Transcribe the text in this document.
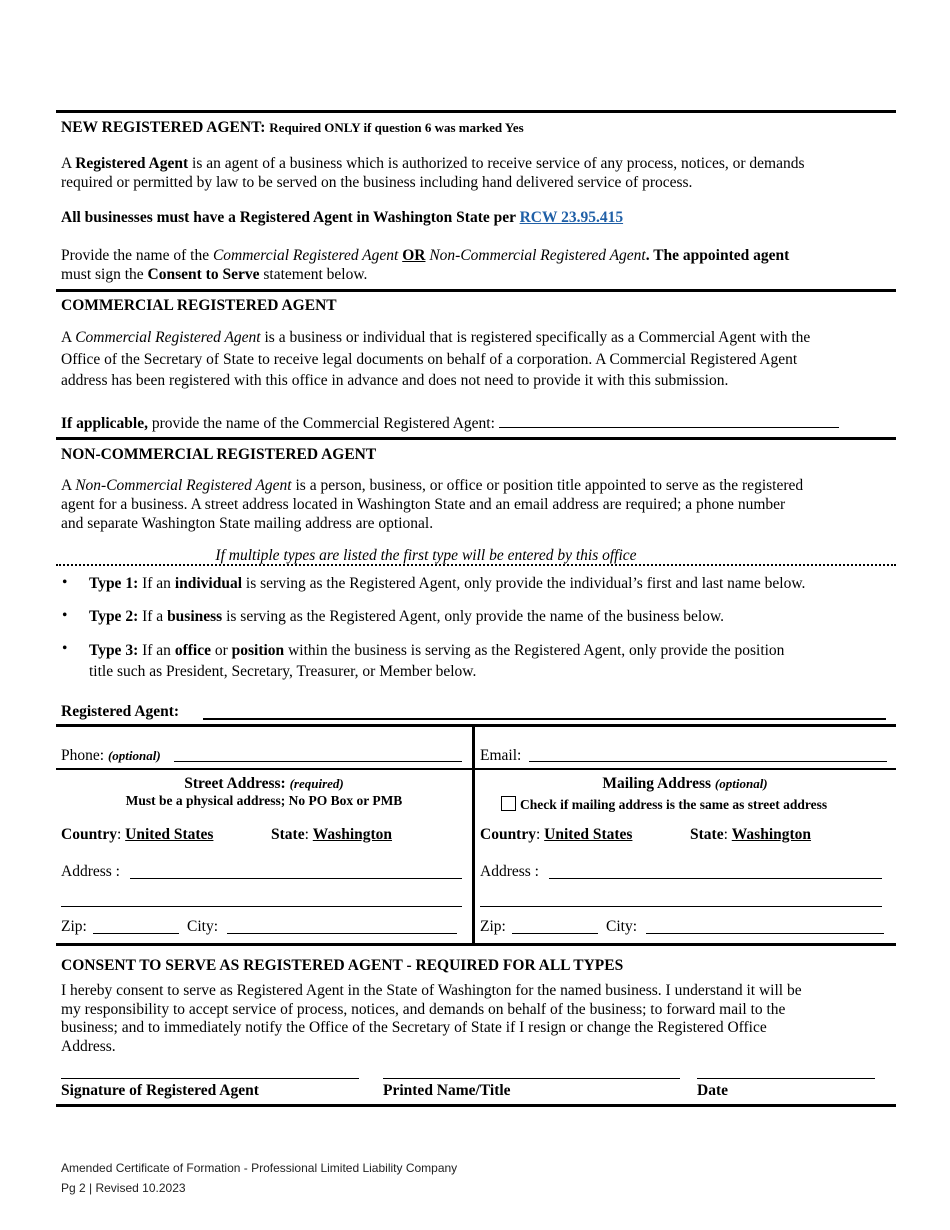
NEW REGISTERED AGENT: Required ONLY if question 6 was marked Yes
A Registered Agent is an agent of a business which is authorized to receive service of any process, notices, or demands
required or permitted by law to be served on the business including hand delivered service of process.
All businesses must have a Registered Agent in Washington State per RCW 23.95.415
Provide the name of the Commercial Registered Agent OR Non-Commercial Registered Agent. The appointed agent
must sign the Consent to Serve statement below.
COMMERCIAL REGISTERED AGENT
A Commercial Registered Agent is a business or individual that is registered specifically as a Commercial Agent with the
Office of the Secretary of State to receive legal documents on behalf of a corporation. A Commercial Registered Agent
address has been registered with this office in advance and does not need to provide it with this submission.
If applicable, provide the name of the Commercial Registered Agent:
NON-COMMERCIAL REGISTERED AGENT
A Non-Commercial Registered Agent is a person, business, or office or position title appointed to serve as the registered
agent for a business. A street address located in Washington State and an email address are required; a phone number
and separate Washington State mailing address are optional.
If multiple types are listed the first type will be entered by this office
• Type 1: If an individual is serving as the Registered Agent, only provide the individual’s first and last name below.
• Type 2: If a business is serving as the Registered Agent, only provide the name of the business below.
• Type 3: If an office or position within the business is serving as the Registered Agent, only provide the position
title such as President, Secretary, Treasurer, or Member below.
Registered Agent:
Phone: (optional)	Email:
Street Address: (required)
Must be a physical address; No PO Box or PMB
Country: United States	State: Washington
Address :
Zip:	City:
Mailing Address (optional)
Check if mailing address is the same as street address
Country: United States	State: Washington
Address :
Zip:	City:
CONSENT TO SERVE AS REGISTERED AGENT - REQUIRED FOR ALL TYPES
I hereby consent to serve as Registered Agent in the State of Washington for the named business. I understand it will be
my responsibility to accept service of process, notices, and demands on behalf of the business; to forward mail to the
business; and to immediately notify the Office of the Secretary of State if I resign or change the Registered Office
Address.
Signature of Registered Agent	Printed Name/Title	Date
Amended Certificate of Formation - Professional Limited Liability Company
Pg 2 | Revised 10.2023
